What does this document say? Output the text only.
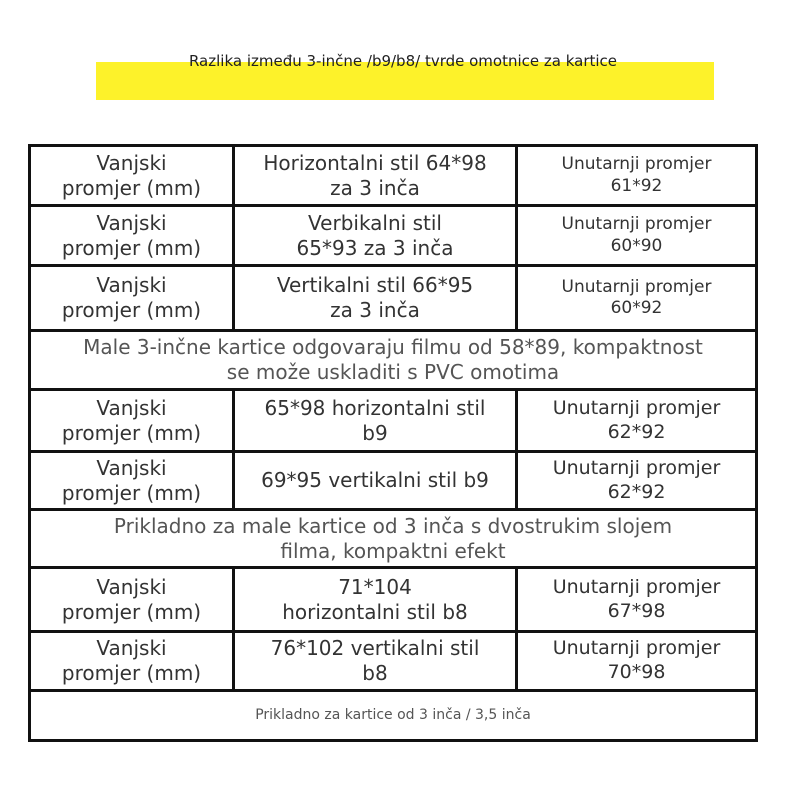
Razlika između 3-inčne /b9/b8/ tvrde omotnice za kartice
Vanjski
promjer (mm)
Horizontalni stil 64*98
za 3 inča
Unutarnji promjer
61*92
Vanjski
promjer (mm)
Verbikalni stil
65*93 za 3 inča
Unutarnji promjer
60*90
Vanjski
promjer (mm)
Vertikalni stil 66*95
za 3 inča
Unutarnji promjer
60*92
Male 3-inčne kartice odgovaraju filmu od 58*89, kompaktnost
se može uskladiti s PVC omotima
Vanjski
promjer (mm)
65*98 horizontalni stil
b9
Unutarnji promjer
62*92
Vanjski
promjer (mm)
69*95 vertikalni stil b9
Unutarnji promjer
62*92
Prikladno za male kartice od 3 inča s dvostrukim slojem
filma, kompaktni efekt
Vanjski
promjer (mm)
71*104
horizontalni stil b8
Unutarnji promjer
67*98
Vanjski
promjer (mm)
76*102 vertikalni stil
b8
Unutarnji promjer
70*98
Prikladno za kartice od 3 inča / 3,5 inča
